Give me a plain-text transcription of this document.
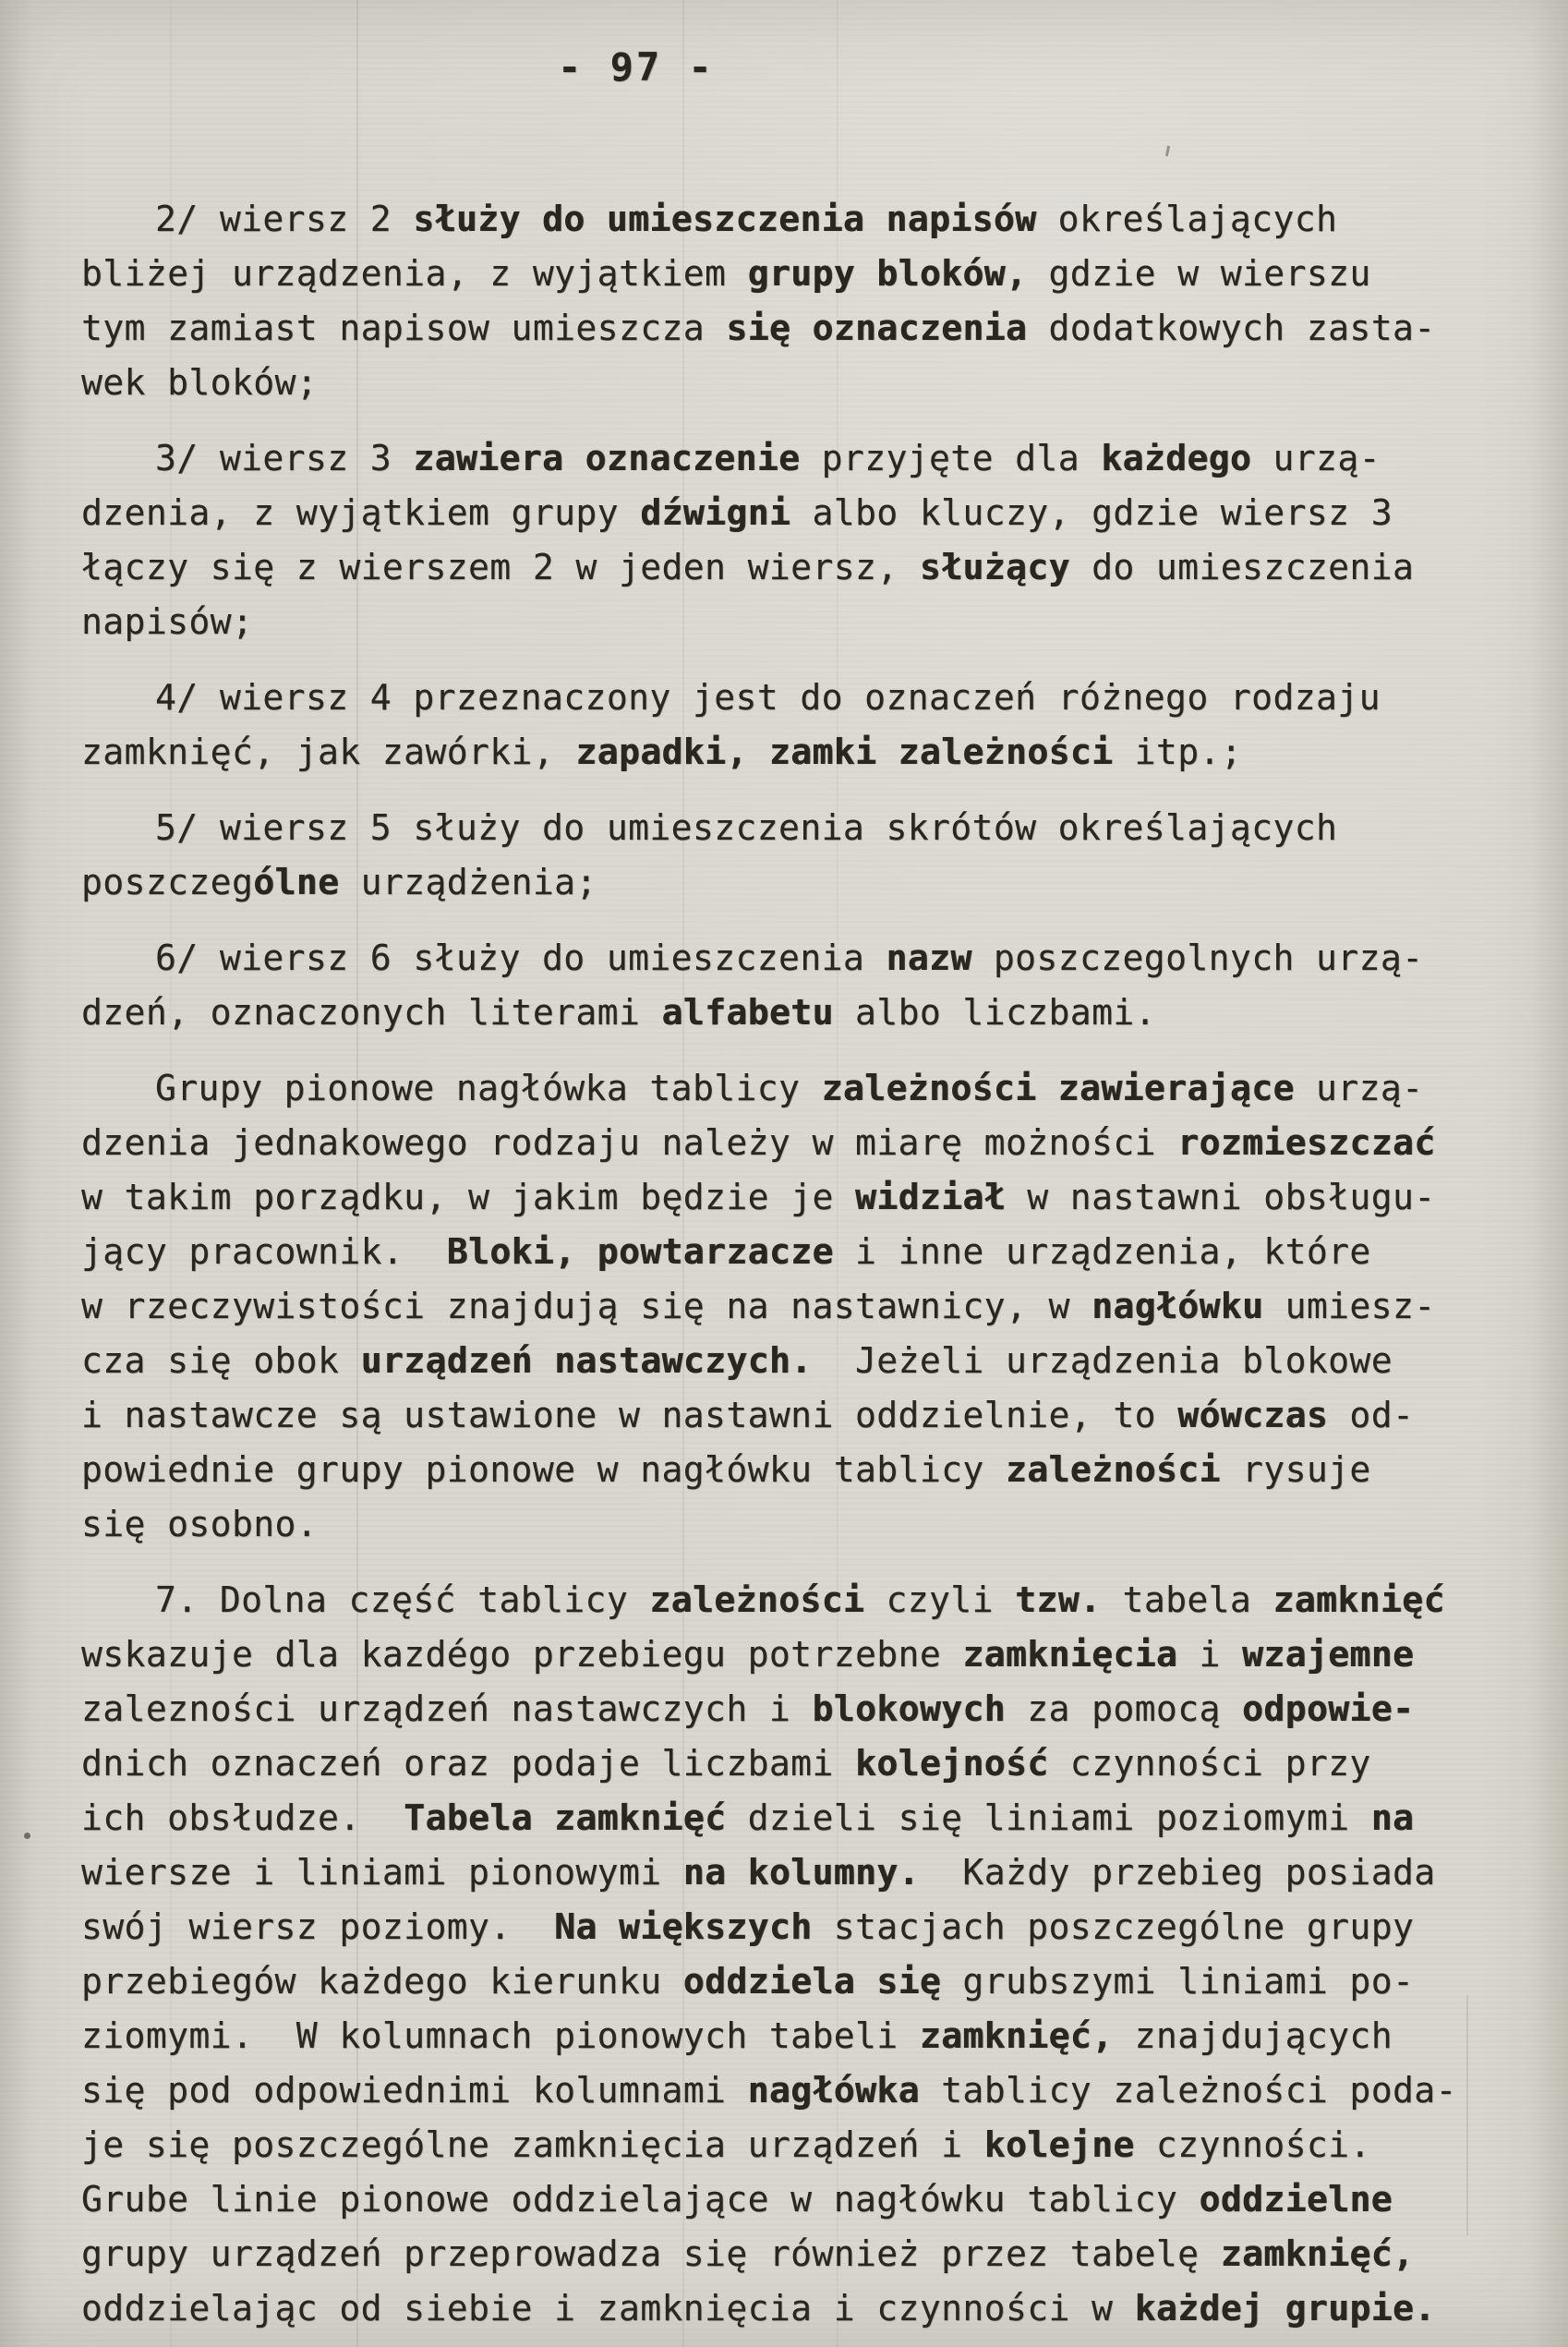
- 97 -
2/ wiersz 2 służy do umieszczenia napisów określających
bliżej urządzenia, z wyjątkiem grupy bloków, gdzie w wierszu
tym zamiast napisow umieszcza się oznaczenia dodatkowych zasta-
wek bloków;
3/ wiersz 3 zawiera oznaczenie przyjęte dla każdego urzą-
dzenia, z wyjątkiem grupy dźwigni albo kluczy, gdzie wiersz 3
łączy się z wierszem 2 w jeden wiersz, służący do umieszczenia
napisów;
4/ wiersz 4 przeznaczony jest do oznaczeń różnego rodzaju
zamknięć, jak zawórki, zapadki, zamki zależności itp.;
5/ wiersz 5 służy do umieszczenia skrótów określających
poszczególne urządżenia;
6/ wiersz 6 służy do umieszczenia nazw poszczegolnych urzą-
dzeń, oznaczonych literami alfabetu albo liczbami.
Grupy pionowe nagłówka tablicy zależności zawierające urzą-
dzenia jednakowego rodzaju należy w miarę możności rozmieszczać
w takim porządku, w jakim będzie je widział w nastawni obsługu-
jący pracownik.  Bloki, powtarzacze i inne urządzenia, które
w rzeczywistości znajdują się na nastawnicy, w nagłówku umiesz-
cza się obok urządzeń nastawczych.  Jeżeli urządzenia blokowe
i nastawcze są ustawione w nastawni oddzielnie, to wówczas od-
powiednie grupy pionowe w nagłówku tablicy zależności rysuje
się osobno.
7. Dolna część tablicy zależności czyli tzw. tabela zamknięć
wskazuje dla kazdégo przebiegu potrzebne zamknięcia i wzajemne
zalezności urządzeń nastawczych i blokowych za pomocą odpowie-
dnich oznaczeń oraz podaje liczbami kolejność czynności przy
ich obsłudze.  Tabela zamknięć dzieli się liniami poziomymi na
wiersze i liniami pionowymi na kolumny.  Każdy przebieg posiada
swój wiersz poziomy.  Na większych stacjach poszczególne grupy
przebiegów każdego kierunku oddziela się grubszymi liniami po-
ziomymi.  W kolumnach pionowych tabeli zamknięć, znajdujących
się pod odpowiednimi kolumnami nagłówka tablicy zależności poda-
je się poszczególne zamknięcia urządzeń i kolejne czynności.
Grube linie pionowe oddzielające w nagłówku tablicy oddzielne
grupy urządzeń przeprowadza się również przez tabelę zamknięć,
oddzielając od siebie i zamknięcia i czynności w każdej grupie.
